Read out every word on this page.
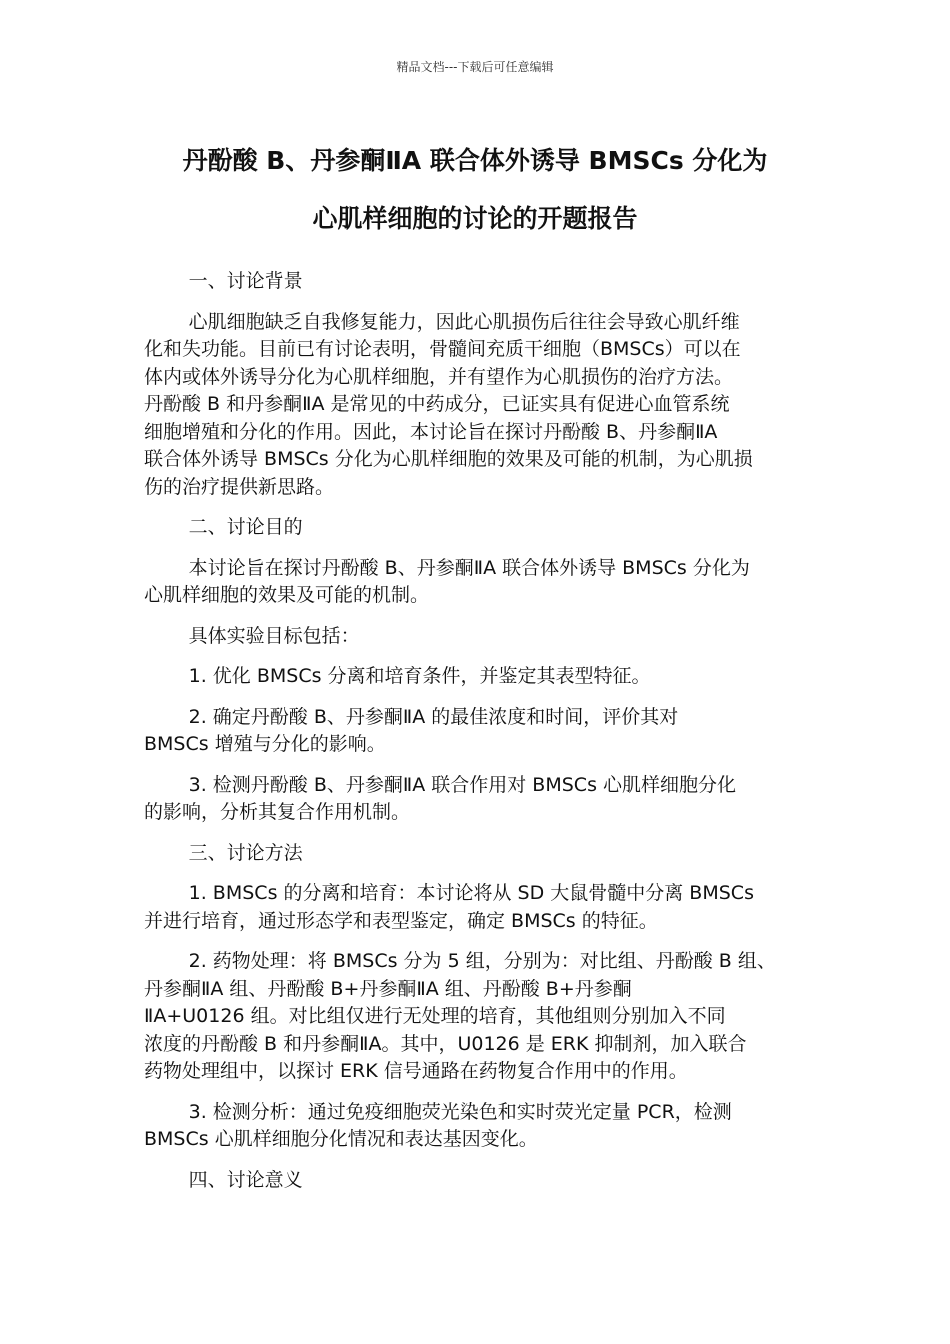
精品文档---下载后可任意编辑
丹酚酸 B、丹参酮ⅡA 联合体外诱导 BMSCs 分化为
心肌样细胞的讨论的开题报告

一、讨论背景

心肌细胞缺乏自我修复能力，因此心肌损伤后往往会导致心肌纤维
化和失功能。目前已有讨论表明，骨髓间充质干细胞（BMSCs）可以在
体内或体外诱导分化为心肌样细胞，并有望作为心肌损伤的治疗方法。
丹酚酸 B 和丹参酮ⅡA 是常见的中药成分，已证实具有促进心血管系统
细胞增殖和分化的作用。因此，本讨论旨在探讨丹酚酸 B、丹参酮ⅡA
联合体外诱导 BMSCs 分化为心肌样细胞的效果及可能的机制，为心肌损
伤的治疗提供新思路。

二、讨论目的

本讨论旨在探讨丹酚酸 B、丹参酮ⅡA 联合体外诱导 BMSCs 分化为
心肌样细胞的效果及可能的机制。

具体实验目标包括：

1. 优化 BMSCs 分离和培育条件，并鉴定其表型特征。

2. 确定丹酚酸 B、丹参酮ⅡA 的最佳浓度和时间，评价其对
BMSCs 增殖与分化的影响。

3. 检测丹酚酸 B、丹参酮ⅡA 联合作用对 BMSCs 心肌样细胞分化
的影响，分析其复合作用机制。

三、讨论方法

1. BMSCs 的分离和培育：本讨论将从 SD 大鼠骨髓中分离 BMSCs
并进行培育，通过形态学和表型鉴定，确定 BMSCs 的特征。

2. 药物处理：将 BMSCs 分为 5 组，分别为：对比组、丹酚酸 B 组、
丹参酮ⅡA 组、丹酚酸 B+丹参酮ⅡA 组、丹酚酸 B+丹参酮
ⅡA+U0126 组。对比组仅进行无处理的培育，其他组则分别加入不同
浓度的丹酚酸 B 和丹参酮ⅡA。其中，U0126 是 ERK 抑制剂，加入联合
药物处理组中，以探讨 ERK 信号通路在药物复合作用中的作用。

3. 检测分析：通过免疫细胞荧光染色和实时荧光定量 PCR，检测
BMSCs 心肌样细胞分化情况和表达基因变化。

四、讨论意义
